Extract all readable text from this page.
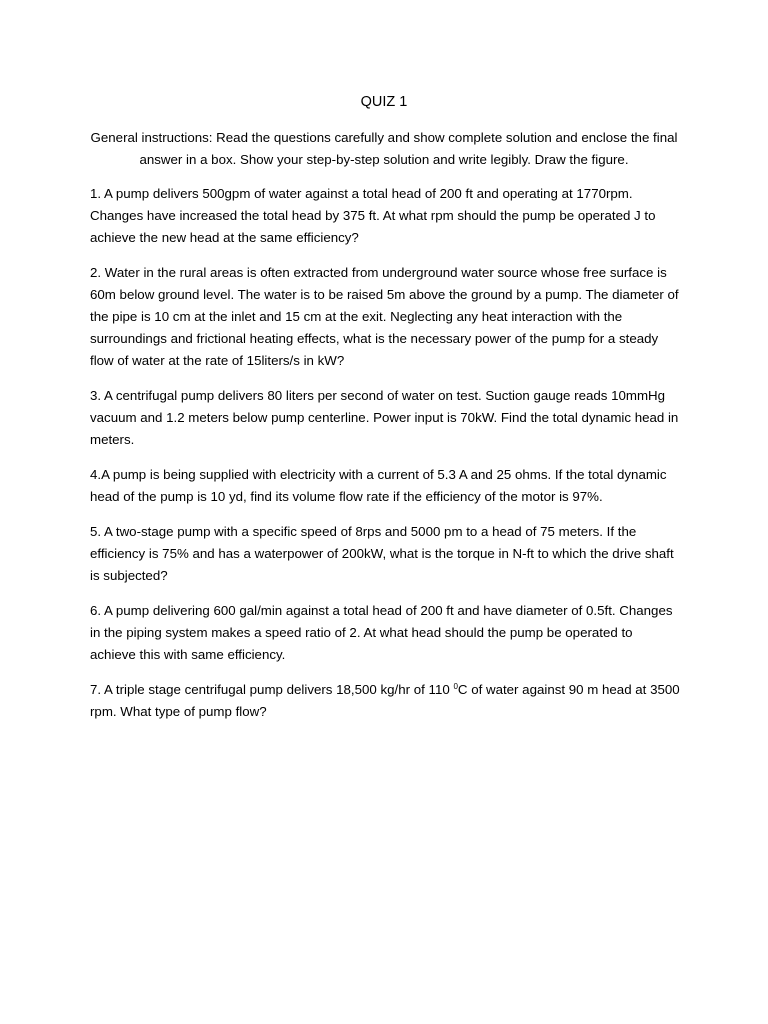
QUIZ 1
General instructions: Read the questions carefully and show complete solution and enclose the final answer in a box. Show your step-by-step solution and write legibly. Draw the figure.
1. A pump delivers 500gpm of water against a total head of 200 ft and operating at 1770rpm. Changes have increased the total head by 375 ft. At what rpm should the pump be operated J to achieve the new head at the same efficiency?
2. Water in the rural areas is often extracted from underground water source whose free surface is 60m below ground level. The water is to be raised 5m above the ground by a pump. The diameter of the pipe is 10 cm at the inlet and 15 cm at the exit. Neglecting any heat interaction with the surroundings and frictional heating effects, what is the necessary power of the pump for a steady flow of water at the rate of 15liters/s in kW?
3. A centrifugal pump delivers 80 liters per second of water on test. Suction gauge reads 10mmHg vacuum and 1.2 meters below pump centerline. Power input is 70kW. Find the total dynamic head in meters.
4.A pump is being supplied with electricity with a current of 5.3 A and 25 ohms. If the total dynamic head of the pump is 10 yd, find its volume flow rate if the efficiency of the motor is 97%.
5. A two-stage pump with a specific speed of 8rps and 5000 pm to a head of 75 meters. If the efficiency is 75% and has a waterpower of 200kW, what is the torque in N-ft to which the drive shaft is subjected?
6. A pump delivering 600 gal/min against a total head of 200 ft and have diameter of 0.5ft. Changes in the piping system makes a speed ratio of 2. At what head should the pump be operated to achieve this with same efficiency.
7. A triple stage centrifugal pump delivers 18,500 kg/hr of 110 $^0$C of water against 90 m head at 3500 rpm. What type of pump flow?
